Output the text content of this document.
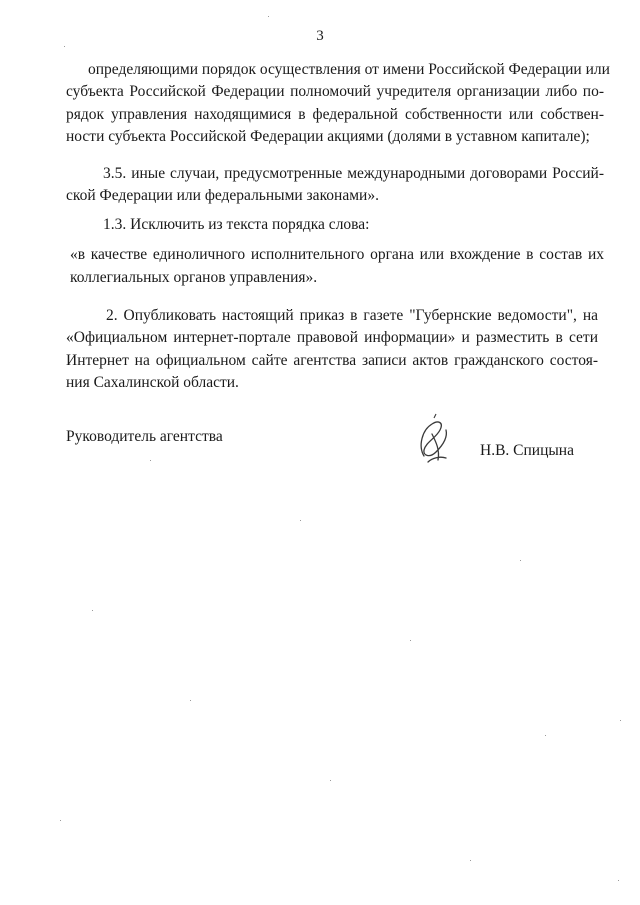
3
определяющими порядок осуществления от имени Российской Федерации или
субъекта Российской Федерации полномочий учредителя организации либо по-
рядок управления находящимися в федеральной собственности или собствен-
ности субъекта Российской Федерации акциями (долями в уставном капитале);
3.5. иные случаи, предусмотренные международными договорами Россий-
ской Федерации или федеральными законами».
1.3. Исключить из текста порядка слова:
«в качестве единоличного исполнительного органа или вхождение в состав их
коллегиальных органов управления».
2. Опубликовать настоящий приказ в газете "Губернские ведомости", на
«Официальном интернет-портале правовой информации» и разместить в сети
Интернет на официальном сайте агентства записи актов гражданского состоя-
ния Сахалинской области.
Руководитель агентства
Н.В. Спицына
